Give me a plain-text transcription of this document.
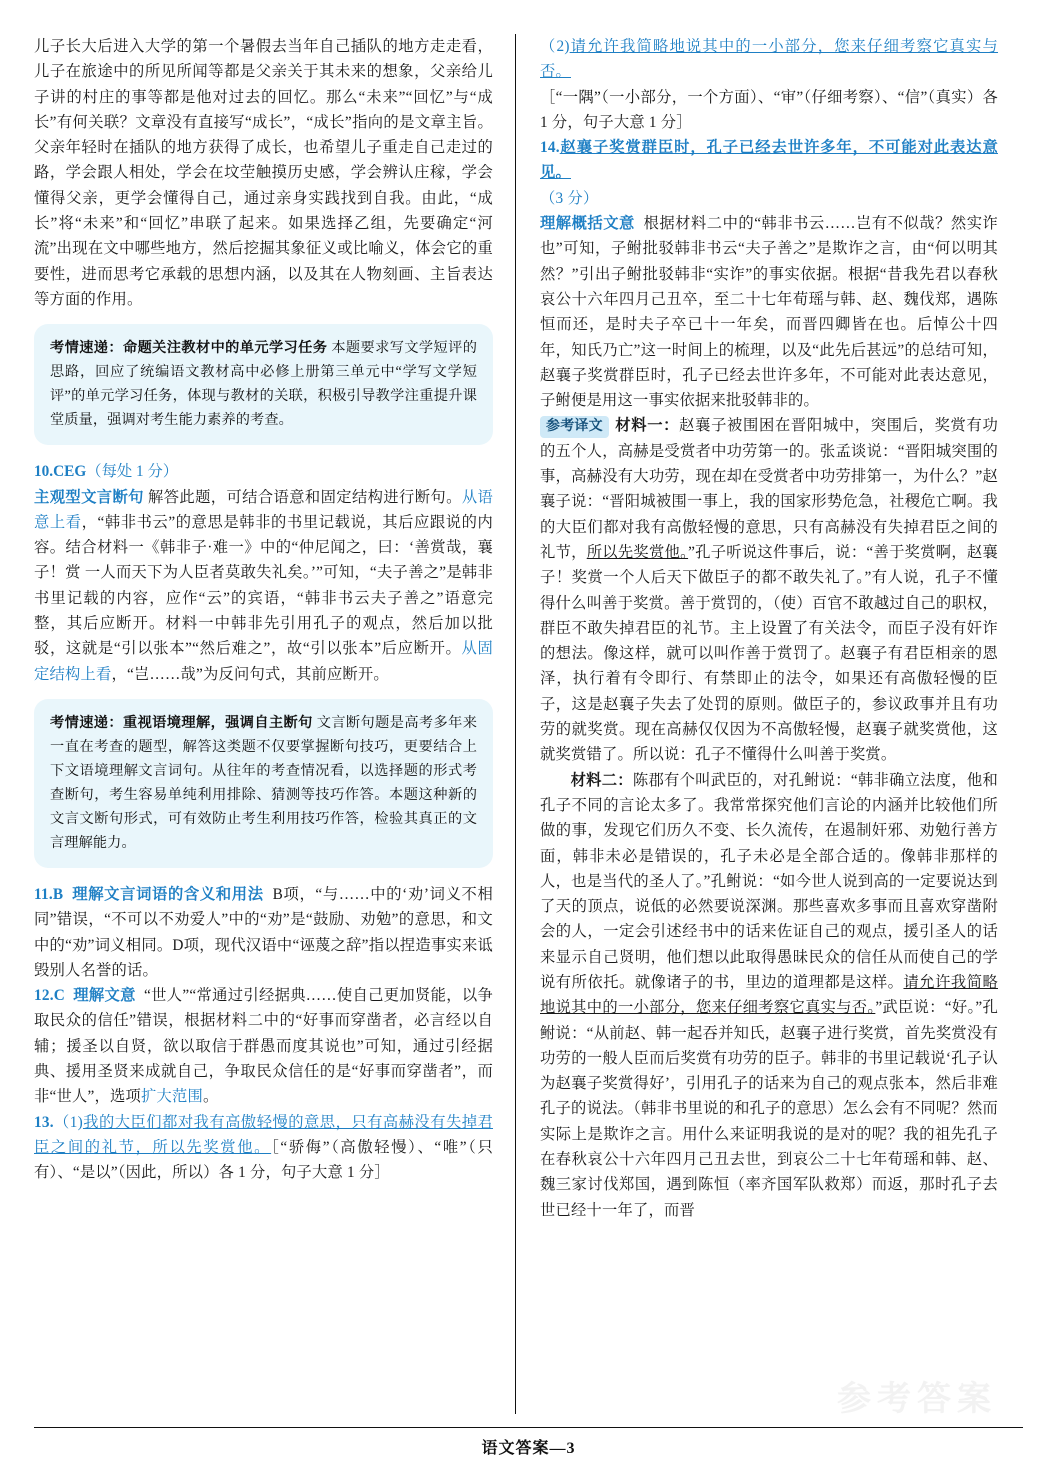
儿子长大后进入大学的第一个暑假去当年自己插队的地方走走看，儿子在旅途中的所见所闻等都是父亲关于其未来的想象，父亲给儿子讲的村庄的事等都是他对过去的回忆。那么“未来”“回忆”与“成长”有何关联？文章没有直接写“成长”，“成长”指向的是文章主旨。父亲年轻时在插队的地方获得了成长，也希望儿子重走自己走过的路，学会跟人相处，学会在坟茔触摸历史感，学会辨认庄稼，学会懂得父亲，更学会懂得自己，通过亲身实践找到自我。由此，“成长”将“未来”和“回忆”串联了起来。如果选择乙组，先要确定“河流”出现在文中哪些地方，然后挖掘其象征义或比喻义，体会它的重要性，进而思考它承载的思想内涵，以及其在人物刻画、主旨表达等方面的作用。

考情速递：命题关注教材中的单元学习任务 本题要求写文学短评的思路，回应了统编语文教材高中必修上册第三单元中“学写文学短评”的单元学习任务，体现与教材的关联，积极引导教学注重提升课堂质量，强调对考生能力素养的考查。

10.CEG（每处 1 分）

主观型文言断句 解答此题，可结合语意和固定结构进行断句。从语意上看，“韩非书云”的意思是韩非的书里记载说，其后应跟说的内容。结合材料一《韩非子·难一》中的“仲尼闻之，曰：‘善赏哉，襄子！赏 一人而天下为人臣者莫敢失礼矣。’”可知，“夫子善之”是韩非书里记载的内容，应作“云”的宾语，“韩非书云夫子善之”语意完整，其后应断开。材料一中韩非先引用孔子的观点，然后加以批驳，这就是“引以张本”“然后难之”，故“引以张本”后应断开。从固定结构上看，“岂……哉”为反问句式，其前应断开。

考情速递：重视语境理解，强调自主断句 文言断句题是高考多年来一直在考查的题型，解答这类题不仅要掌握断句技巧，更要结合上下文语境理解文言词句。从往年的考查情况看，以选择题的形式考查断句，考生容易单纯利用排除、猜测等技巧作答。本题这种新的文言文断句形式，可有效防止考生利用技巧作答，检验其真正的文言理解能力。

11.B 理解文言词语的含义和用法 B项，“与……中的‘劝’词义不相同”错误，“不可以不劝爱人”中的“劝”是“鼓励、劝勉”的意思，和文中的“劝”词义相同。D项，现代汉语中“诬蔑之辞”指以捏造事实来诋毁别人名誉的话。

12.C 理解文意 “世人”“常通过引经据典……使自己更加贤能，以争取民众的信任”错误，根据材料二中的“好事而穿凿者，必言经以自辅；援圣以自贤，欲以取信于群愚而度其说也”可知，通过引经据典、援用圣贤来成就自己，争取民众信任的是“好事而穿凿者”，而非“世人”，选项扩大范围。

13.（1)我的大臣们都对我有高傲轻慢的意思，只有高赫没有失掉君臣之间的礼节，所以先奖赏他。［“骄侮”（高傲轻慢）、“唯”（只有）、“是以”（因此，所以）各 1 分，句子大意 1 分］

（2)请允许我简略地说其中的一小部分，您来仔细考察它真实与否。
［“一隅”（一小部分，一个方面）、“审”（仔细考察）、“信”（真实）各 1 分，句子大意 1 分］

14.赵襄子奖赏群臣时，孔子已经去世许多年，不可能对此表达意见。
（3 分）

理解概括文意 根据材料二中的“韩非书云……岂有不似哉？然实诈也”可知，子鲋批驳韩非书云“夫子善之”是欺诈之言，由“何以明其然？”引出子鲋批驳韩非“实诈”的事实依据。根据“昔我先君以春秋哀公十六年四月己丑卒，至二十七年荀瑶与韩、赵、魏伐郑，遇陈恒而还，是时夫子卒已十一年矣，而晋四卿皆在也。后悼公十四年，知氏乃亡”这一时间上的梳理，以及“此先后甚远”的总结可知，赵襄子奖赏群臣时，孔子已经去世许多年，不可能对此表达意见，子鲋便是用这一事实依据来批驳韩非的。

参考译文 材料一：赵襄子被围困在晋阳城中，突围后，奖赏有功的五个人，高赫是受赏者中功劳第一的。张孟谈说：“晋阳城突围的事，高赫没有大功劳，现在却在受赏者中功劳排第一，为什么？”赵襄子说：“晋阳城被围一事上，我的国家形势危急，社稷危亡啊。我的大臣们都对我有高傲轻慢的意思，只有高赫没有失掉君臣之间的礼节，所以先奖赏他。”孔子听说这件事后，说：“善于奖赏啊，赵襄子！奖赏一个人后天下做臣子的都不敢失礼了。”有人说，孔子不懂得什么叫善于奖赏。善于赏罚的，（使）百官不敢越过自己的职权，群臣不敢失掉君臣的礼节。主上设置了有关法令，而臣子没有奸诈的想法。像这样，就可以叫作善于赏罚了。赵襄子有君臣相亲的恩泽，执行着有令即行、有禁即止的法令，如果还有高傲轻慢的臣子，这是赵襄子失去了处罚的原则。做臣子的，参议政事并且有功劳的就奖赏。现在高赫仅仅因为不高傲轻慢，赵襄子就奖赏他，这就奖赏错了。所以说：孔子不懂得什么叫善于奖赏。

材料二：陈郡有个叫武臣的，对孔鲋说：“韩非确立法度，他和孔子不同的言论太多了。我常常探究他们言论的内涵并比较他们所做的事，发现它们历久不变、长久流传，在遏制奸邪、劝勉行善方面，韩非未必是错误的，孔子未必是全部合适的。像韩非那样的人，也是当代的圣人了。”孔鲋说：“如今世人说到高的一定要说达到了天的顶点，说低的必然要说深渊。那些喜欢多事而且喜欢穿凿附会的人，一定会引述经书中的话来佐证自己的观点，援引圣人的话来显示自己贤明，他们想以此取得愚昧民众的信任从而使自己的学说有所依托。就像诸子的书，里边的道理都是这样。请允许我简略地说其中的一小部分，您来仔细考察它真实与否。”武臣说：“好。”孔鲋说：“从前赵、韩一起吞并知氏，赵襄子进行奖赏，首先奖赏没有功劳的一般人臣而后奖赏有功劳的臣子。韩非的书里记载说‘孔子认为赵襄子奖赏得好’，引用孔子的话来为自己的观点张本，然后非难孔子的说法。（韩非书里说的和孔子的意思）怎么会有不同呢？然而实际上是欺诈之言。用什么来证明我说的是对的呢？我的祖先孔子在春秋哀公十六年四月己丑去世，到哀公二十七年荀瑶和韩、赵、魏三家讨伐郑国，遇到陈恒（率齐国军队救郑）而返，那时孔子去世已经十一年了，而晋

参考答案
语文答案—3
